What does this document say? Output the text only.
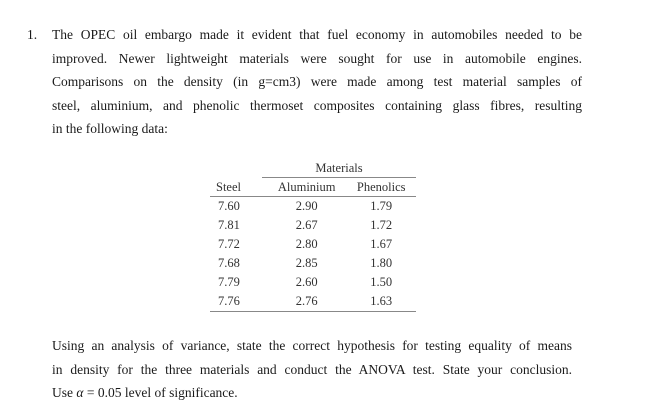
1. The OPEC oil embargo made it evident that fuel economy in automobiles needed to be
improved. Newer lightweight materials were sought for use in automobile engines.
Comparisons on the density (in g=cm3) were made among test material samples of
steel, aluminium, and phenolic thermoset composites containing glass fibres, resulting
in the following data:
Materials
Steel	Aluminium	Phenolics
7.60	2.90	1.79
7.81	2.67	1.72
7.72	2.80	1.67
7.68	2.85	1.80
7.79	2.60	1.50
7.76	2.76	1.63
Using an analysis of variance, state the correct hypothesis for testing equality of means
in density for the three materials and conduct the ANOVA test. State your conclusion.
Use α = 0.05 level of significance.
